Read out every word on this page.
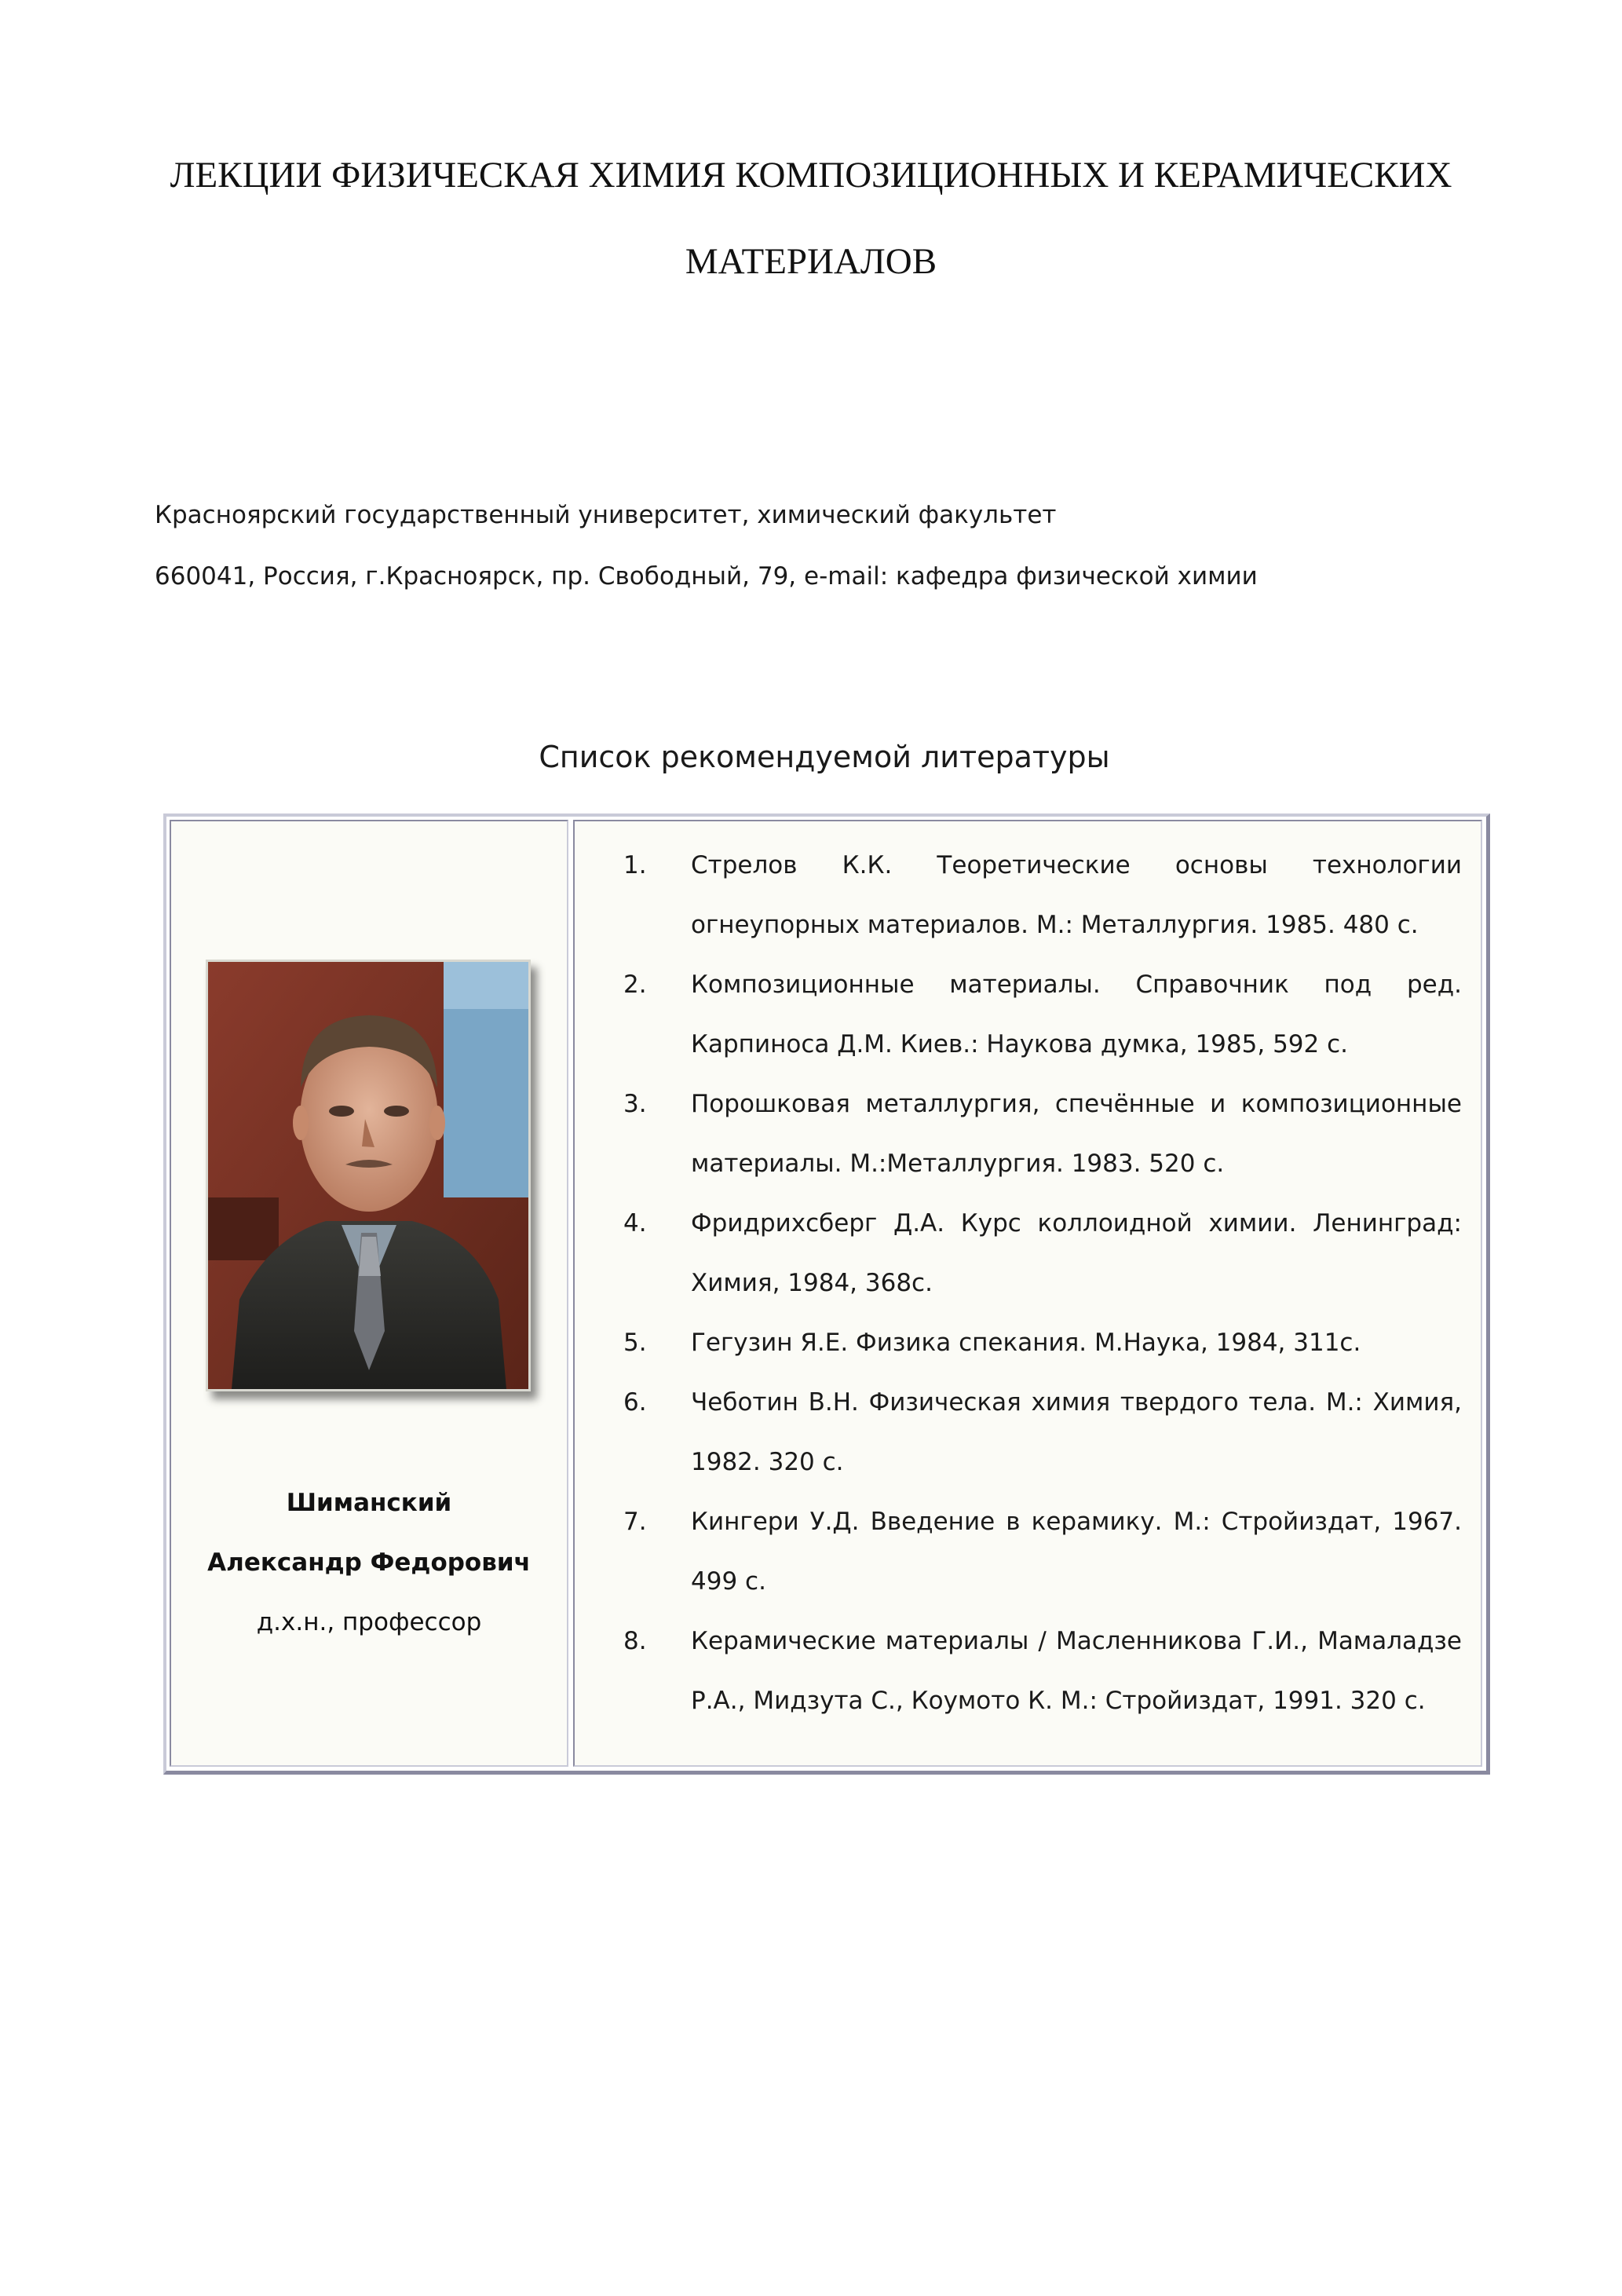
ЛЕКЦИИ ФИЗИЧЕСКАЯ ХИМИЯ КОМПОЗИЦИОННЫХ И КЕРАМИЧЕСКИХ
МАТЕРИАЛОВ
Красноярский государственный университет, химический факультет
660041, Россия, г.Красноярск, пр. Свободный, 79, e-mail: кафедра физической химии
Список рекомендуемой литературы
Шиманский
Александр Федорович
д.х.н., профессор
1.	Стрелов К.К. Теоретические основы технологии огнеупорных материалов. М.: Металлургия. 1985. 480 с.
2.	Композиционные материалы. Справочник под ред. Карпиноса Д.М. Киев.: Наукова думка, 1985, 592 с.
3.	Порошковая металлургия, спечённые и композиционные материалы. М.:Металлургия. 1983. 520 с.
4.	Фридрихсберг Д.А. Курс коллоидной химии. Ленинград: Химия, 1984, 368с.
5.	Гегузин Я.Е. Физика спекания. М.Наука, 1984, 311с.
6.	Чеботин В.Н. Физическая химия твердого тела. М.: Химия, 1982. 320 с.
7.	Кингери У.Д. Введение в керамику. М.: Стройиздат, 1967. 499 с.
8.	Керамические материалы / Масленникова Г.И., Мамаладзе Р.А., Мидзута С., Коумото К. М.: Стройиздат, 1991. 320 с.
